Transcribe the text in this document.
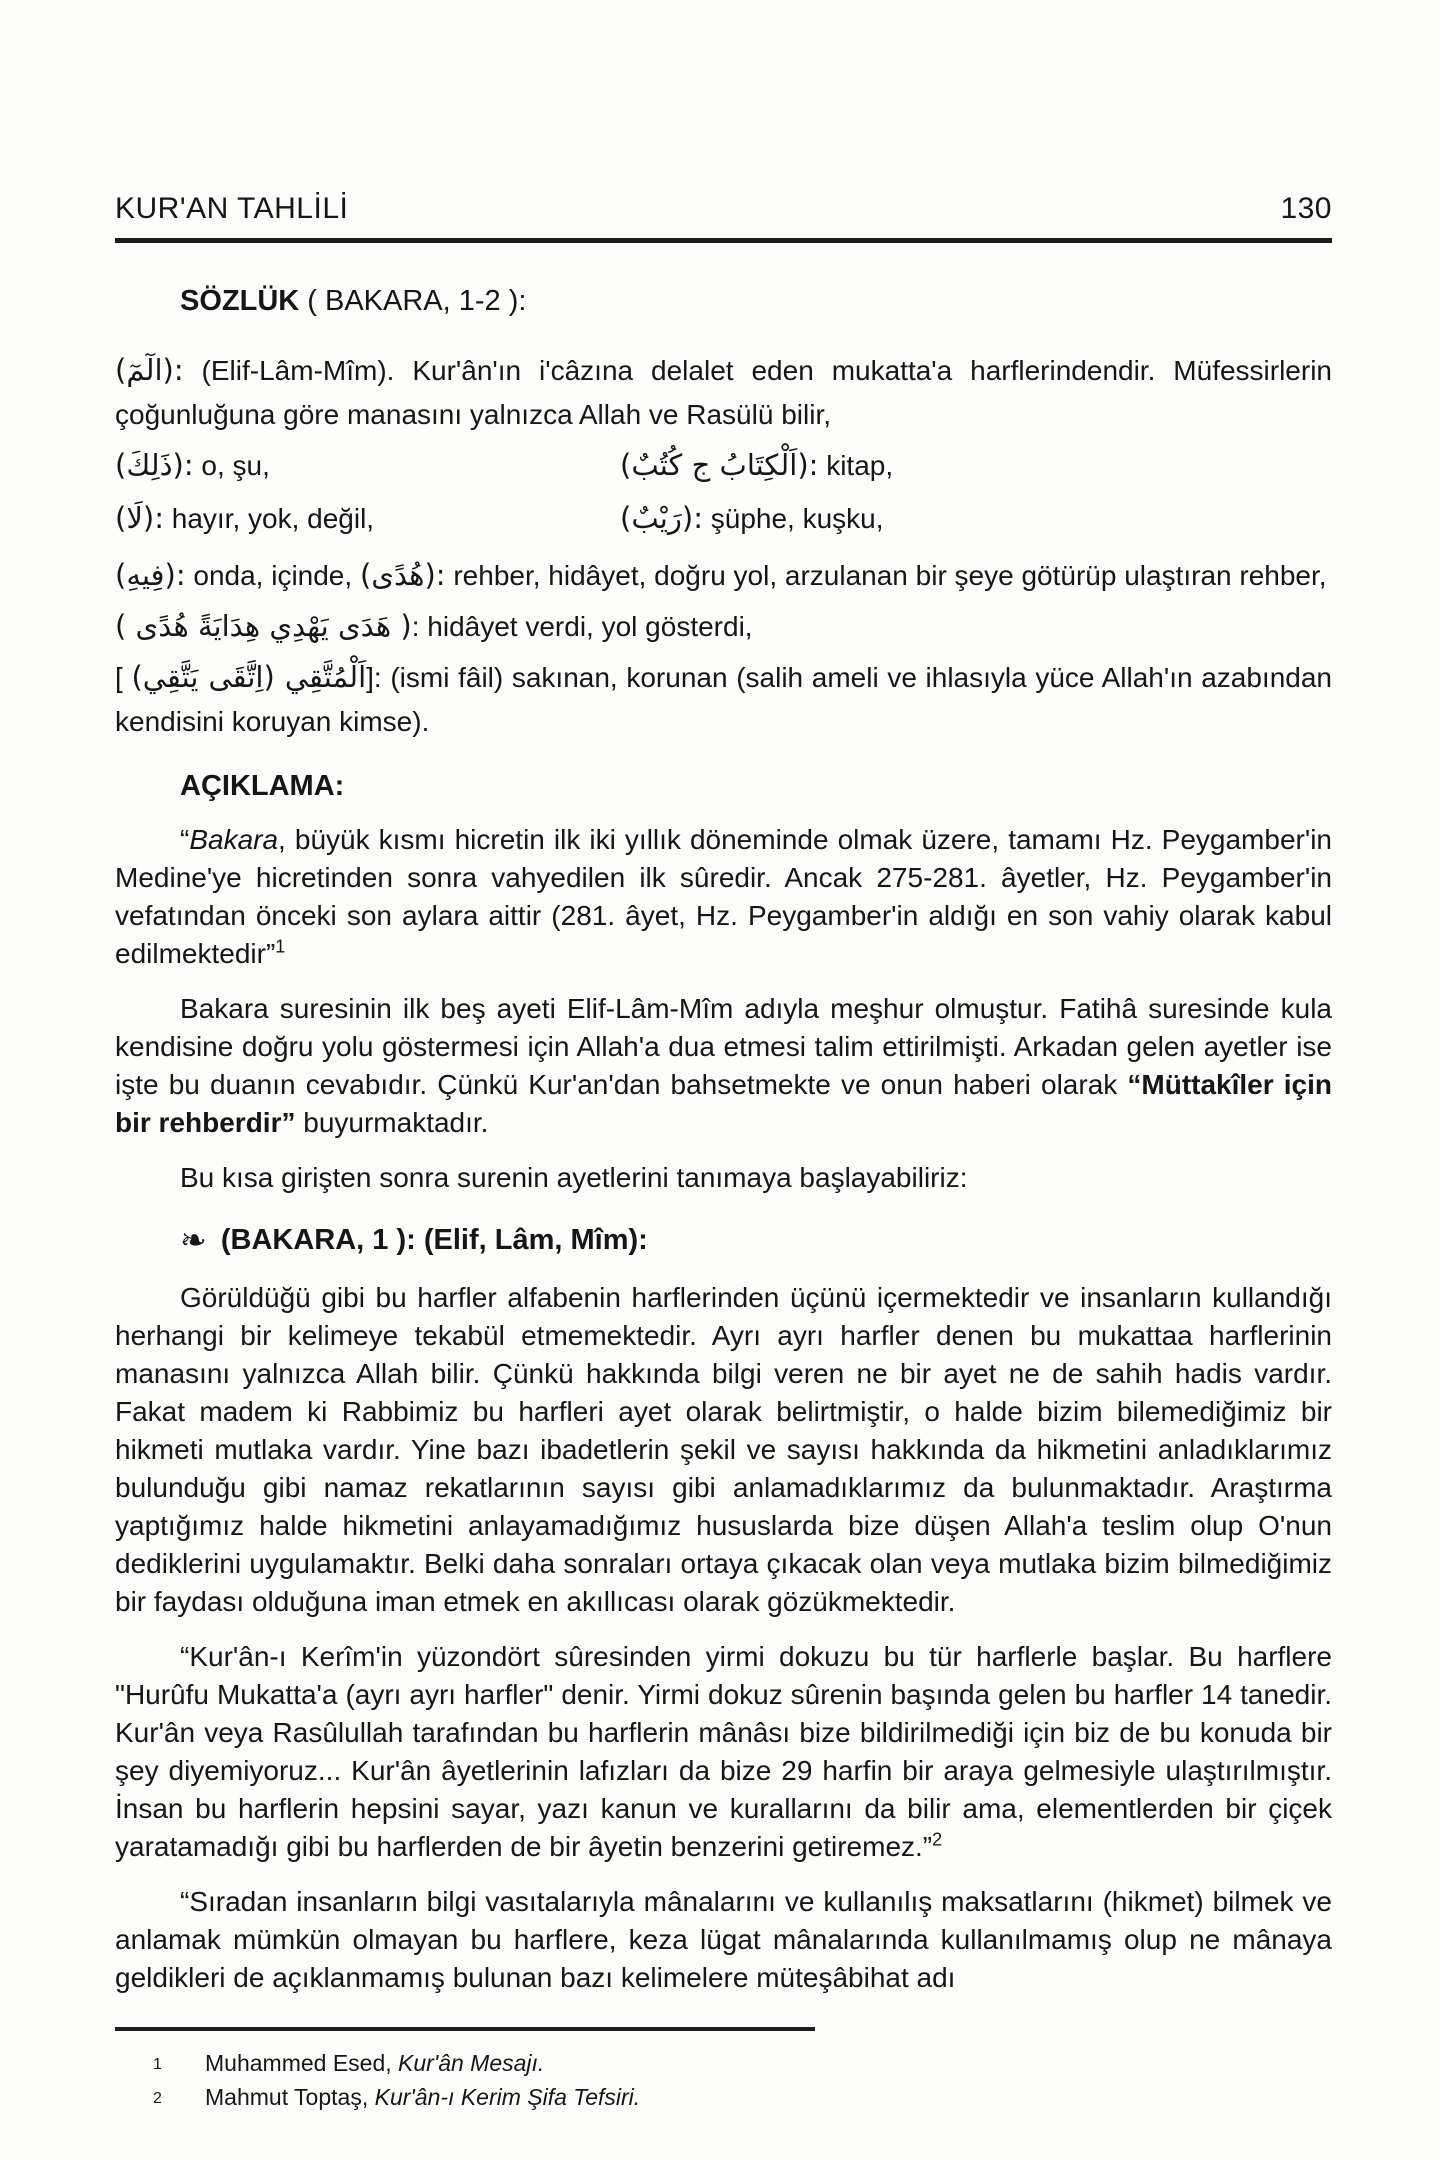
KUR'AN TAHLİLİ	130
SÖZLÜK ( BAKARA, 1-2 ):

(الٓمٓ): (Elif-Lâm-Mîm). Kur'ân'ın i'câzına delalet eden mukatta'a harflerindendir. Müfessirlerin çoğunluğuna göre manasını yalnızca Allah ve Rasülü bilir,

(ذَلِكَ): o, şu,	(اَلْكِتَابُ ج كُتُبٌ): kitap,
(لَا): hayır, yok, değil,	(رَيْبٌ): şüphe, kuşku,

(فِيهِ): onda, içinde, (هُدًى): rehber, hidâyet, doğru yol, arzulanan bir şeye götürüp ulaştıran rehber,

( هَدَى يَهْدِي هِدَايَةً هُدًى ): hidâyet verdi, yol gösterdi,

[ اَلْمُتَّقِي (اِتَّقَى يَتَّقِي)]: (ismi fâil) sakınan, korunan (salih ameli ve ihlasıyla yüce Allah'ın azabından kendisini koruyan kimse).

AÇIKLAMA:

“Bakara, büyük kısmı hicretin ilk iki yıllık döneminde olmak üzere, tamamı Hz. Peygamber'in Medine'ye hicretinden sonra vahyedilen ilk sûredir. Ancak 275-281. âyetler, Hz. Peygamber'in vefatından önceki son aylara aittir (281. âyet, Hz. Peygamber'in aldığı en son vahiy olarak kabul edilmektedir”$^1$

Bakara suresinin ilk beş ayeti Elif-Lâm-Mîm adıyla meşhur olmuştur. Fatihâ suresinde kula kendisine doğru yolu göstermesi için Allah'a dua etmesi talim ettirilmişti. Arkadan gelen ayetler ise işte bu duanın cevabıdır. Çünkü Kur'an'dan bahsetmekte ve onun haberi olarak “Müttakîler için bir rehberdir” buyurmaktadır.

Bu kısa girişten sonra surenin ayetlerini tanımaya başlayabiliriz:

❧ (BAKARA, 1 ): (Elif, Lâm, Mîm):

Görüldüğü gibi bu harfler alfabenin harflerinden üçünü içermektedir ve insanların kullandığı herhangi bir kelimeye tekabül etmemektedir. Ayrı ayrı harfler denen bu mukattaa harflerinin manasını yalnızca Allah bilir. Çünkü hakkında bilgi veren ne bir ayet ne de sahih hadis vardır. Fakat madem ki Rabbimiz bu harfleri ayet olarak belirtmiştir, o halde bizim bilemediğimiz bir hikmeti mutlaka vardır. Yine bazı ibadetlerin şekil ve sayısı hakkında da hikmetini anladıklarımız bulunduğu gibi namaz rekatlarının sayısı gibi anlamadıklarımız da bulunmaktadır. Araştırma yaptığımız halde hikmetini anlayamadığımız hususlarda bize düşen Allah'a teslim olup O'nun dediklerini uygulamaktır. Belki daha sonraları ortaya çıkacak olan veya mutlaka bizim bilmediğimiz bir faydası olduğuna iman etmek en akıllıcası olarak gözükmektedir.

“Kur'ân-ı Kerîm'in yüzondört sûresinden yirmi dokuzu bu tür harflerle başlar. Bu harflere "Hurûfu Mukatta'a (ayrı ayrı harfler" denir. Yirmi dokuz sûrenin başında gelen bu harfler 14 tanedir. Kur'ân veya Rasûlullah tarafından bu harflerin mânâsı bize bildirilmediği için biz de bu konuda bir şey diyemiyoruz... Kur'ân âyetlerinin lafızları da bize 29 harfin bir araya gelmesiyle ulaştırılmıştır. İnsan bu harflerin hepsini sayar, yazı kanun ve kurallarını da bilir ama, elementlerden bir çiçek yaratamadığı gibi bu harflerden de bir âyetin benzerini getiremez.”$^2$

“Sıradan insanların bilgi vasıtalarıyla mânalarını ve kullanılış maksatlarını (hikmet) bilmek ve anlamak mümkün olmayan bu harflere, keza lügat mânalarında kullanılmamış olup ne mânaya geldikleri de açıklanmamış bulunan bazı kelimelere müteşâbihat adı

1	Muhammed Esed, Kur'ân Mesajı.
2	Mahmut Toptaş, Kur'ân-ı Kerim Şifa Tefsiri.
